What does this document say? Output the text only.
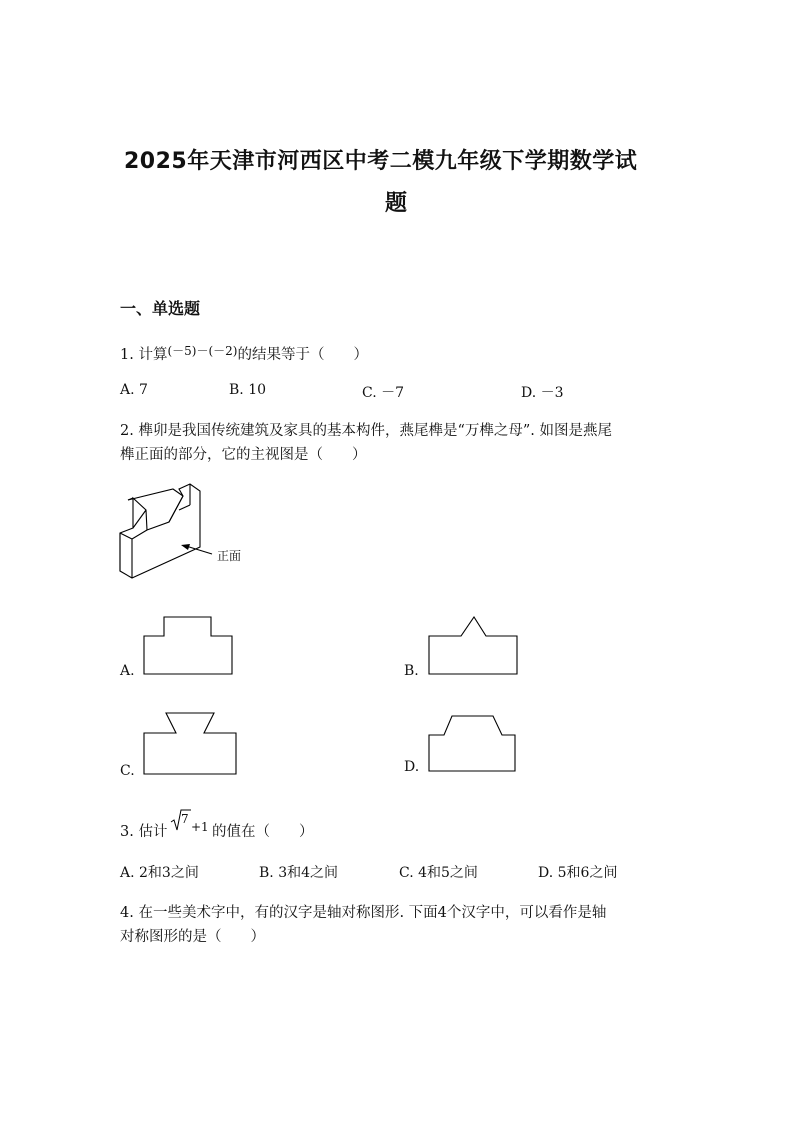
2025年天津市河西区中考二模九年级下学期数学试
题
一、单选题
1. 计算$^{(-5)-(-2)}$的结果等于（　　）
A. 7	B. 10	C. －7	D. －3
2. 榫卯是我国传统建筑及家具的基本构件，燕尾榫是“万榫之母”. 如图是燕尾
榫正面的部分，它的主视图是（　　）
正面
A.	B.
C.	D.
3. 估计
7
+1 的值在（　　）
A. 2和3之间	B. 3和4之间	C. 4和5之间	D. 5和6之间
4. 在一些美术字中，有的汉字是轴对称图形. 下面4个汉字中，可以看作是轴
对称图形的是（　　）
